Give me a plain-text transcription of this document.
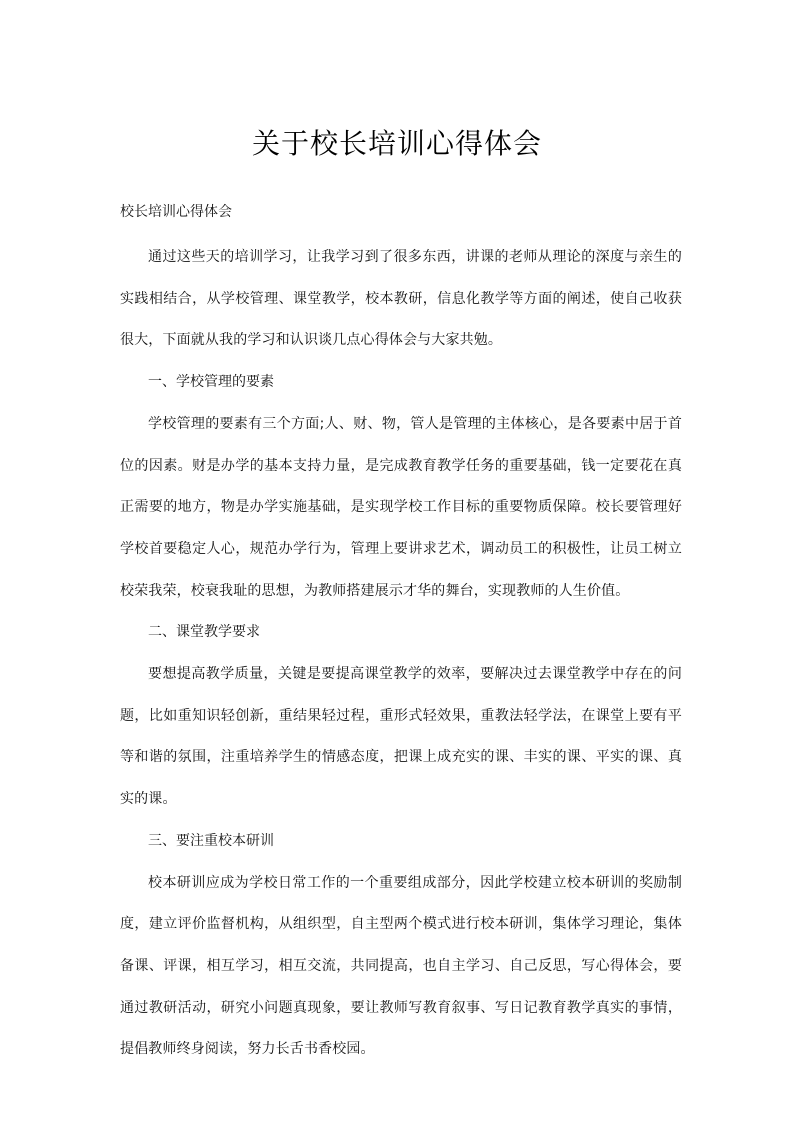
关于校长培训心得体会

校长培训心得体会

通过这些天的培训学习，让我学习到了很多东西，讲课的老师从理论的深度与亲生的实践相结合，从学校管理、课堂教学，校本教研，信息化教学等方面的阐述，使自己收获很大，下面就从我的学习和认识谈几点心得体会与大家共勉。

一、学校管理的要素

学校管理的要素有三个方面;人、财、物，管人是管理的主体核心，是各要素中居于首位的因素。财是办学的基本支持力量，是完成教育教学任务的重要基础，钱一定要花在真正需要的地方，物是办学实施基础，是实现学校工作目标的重要物质保障。校长要管理好学校首要稳定人心，规范办学行为，管理上要讲求艺术，调动员工的积极性，让员工树立校荣我荣，校衰我耻的思想，为教师搭建展示才华的舞台，实现教师的人生价值。

二、课堂教学要求

要想提高教学质量，关键是要提高课堂教学的效率，要解决过去课堂教学中存在的问题，比如重知识轻创新，重结果轻过程，重形式轻效果，重教法轻学法，在课堂上要有平等和谐的氛围，注重培养学生的情感态度，把课上成充实的课、丰实的课、平实的课、真实的课。

三、要注重校本研训

校本研训应成为学校日常工作的一个重要组成部分，因此学校建立校本研训的奖励制度，建立评价监督机构，从组织型，自主型两个模式进行校本研训，集体学习理论，集体备课、评课，相互学习，相互交流，共同提高，也自主学习、自己反思，写心得体会，要通过教研活动，研究小问题真现象，要让教师写教育叙事、写日记教育教学真实的事情，提倡教师终身阅读，努力长舌书香校园。
